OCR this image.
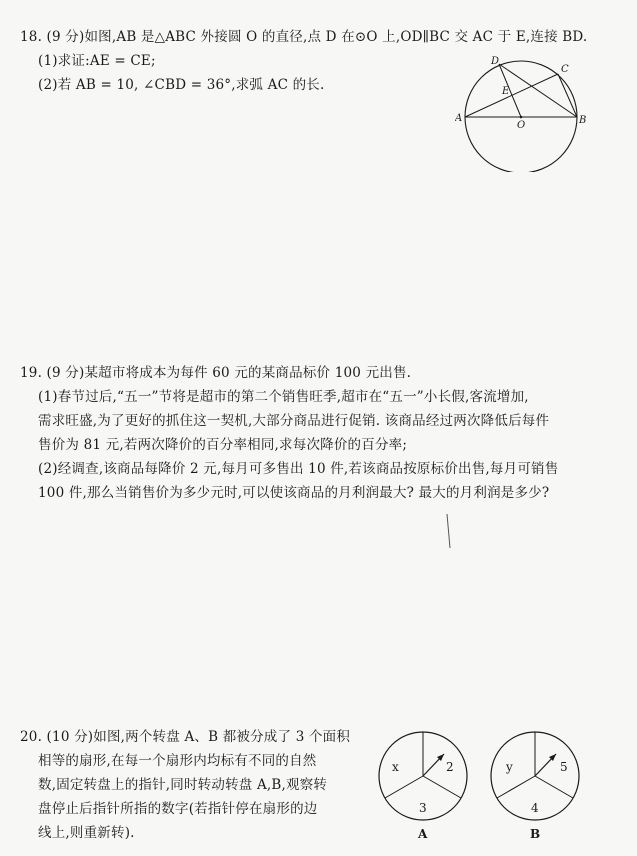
18. (9 分)如图,AB 是△ABC 外接圆 O 的直径,点 D 在⊙O 上,OD∥BC 交 AC 于 E,连接 BD.
(1)求证:AE = CE;
(2)若 AB = 10, ∠CBD = 36°,求弧 AC 的长.
D
C
E
A
O	B
19. (9 分)某超市将成本为每件 60 元的某商品标价 100 元出售.
(1)春节过后,“五一”节将是超市的第二个销售旺季,超市在“五一”小长假,客流增加,
需求旺盛,为了更好的抓住这一契机,大部分商品进行促销. 该商品经过两次降低后每件
售价为 81 元,若两次降价的百分率相同,求每次降价的百分率;
(2)经调查,该商品每降价 2 元,每月可多售出 10 件,若该商品按原标价出售,每月可销售
100 件,那么当销售价为多少元时,可以使该商品的月利润最大? 最大的月利润是多少?
20. (10 分)如图,两个转盘 A、B 都被分成了 3 个面积
相等的扇形,在每一个扇形内均标有不同的自然
数,固定转盘上的指针,同时转动转盘 A,B,观察转
盘停止后指针所指的数字(若指针停在扇形的边
线上,则重新转).
x	2
3
A
y	5
4
B
